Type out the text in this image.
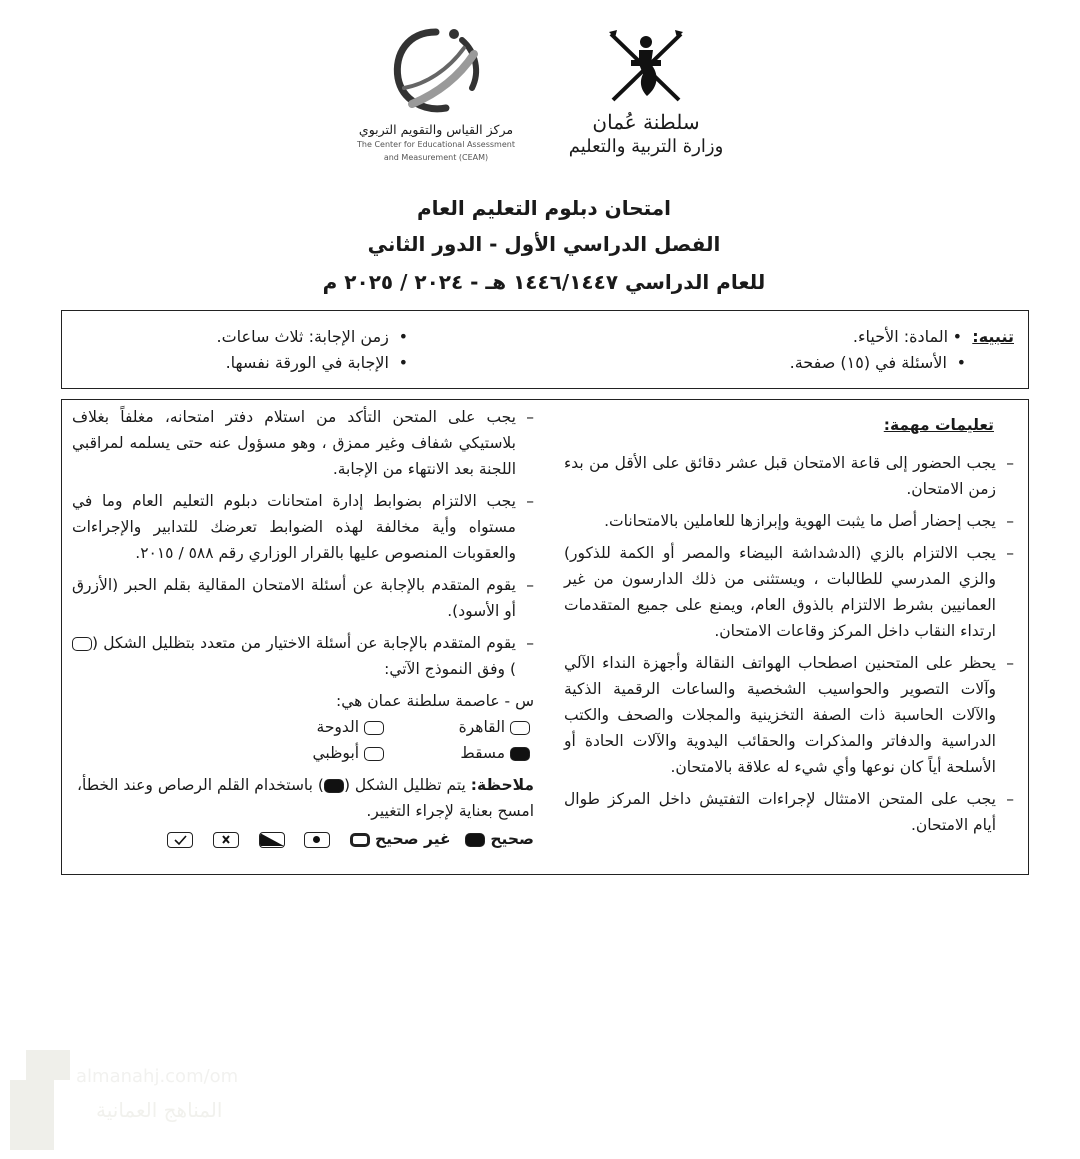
مركز القياس والتقويم التربوي
The Center for Educational Assessment
and Measurement (CEAM)
سلطنة عُمان
وزارة التربية والتعليم
امتحان دبلوم التعليم العام
الفصل الدراسي الأول - الدور الثاني
للعام الدراسي ١٤٤٦/١٤٤٧ هـ - ٢٠٢٤ / ٢٠٢٥ م
تنبيه:  • المادة: الأحياء.
• الأسئلة في (١٥) صفحة.
• زمن الإجابة: ثلاث ساعات.
• الإجابة في الورقة نفسها.
تعليمات مهمة:
–
يجب الحضور إلى قاعة الامتحان قبل عشر دقائق على الأقل من بدء زمن الامتحان.
–
يجب إحضار أصل ما يثبت الهوية وإبرازها للعاملين بالامتحانات.
–
يجب الالتزام بالزي (الدشداشة البيضاء والمصر أو الكمة للذكور) والزي المدرسي للطالبات ، ويستثنى من ذلك الدارسون من غير العمانيين بشرط الالتزام بالذوق العام، ويمنع على جميع المتقدمات ارتداء النقاب داخل المركز وقاعات الامتحان.
–
يحظر على المتحنين اصطحاب الهواتف النقالة وأجهزة النداء الآلي وآلات التصوير والحواسيب الشخصية والساعات الرقمية الذكية والآلات الحاسبة ذات الصفة التخزينية والمجلات والصحف والكتب الدراسية والدفاتر والمذكرات والحقائب اليدوية والآلات الحادة أو الأسلحة أياً كان نوعها وأي شيء له علاقة بالامتحان.
–
يجب على المتحن الامتثال لإجراءات التفتيش داخل المركز طوال أيام الامتحان.
–
يجب على المتحن التأكد من استلام دفتر امتحانه، مغلفاً بغلاف بلاستيكي شفاف وغير ممزق ، وهو مسؤول عنه حتى يسلمه لمراقبي اللجنة بعد الانتهاء من الإجابة.
–
يجب الالتزام بضوابط إدارة امتحانات دبلوم التعليم العام وما في مستواه وأية مخالفة لهذه الضوابط تعرضك للتدابير والإجراءات والعقوبات المنصوص عليها بالقرار الوزاري رقم ٥٨٨ / ٢٠١٥.
–
يقوم المتقدم بالإجابة عن أسئلة الامتحان المقالية بقلم الحبر (الأزرق أو الأسود).
–
يقوم المتقدم بالإجابة عن أسئلة الاختيار من متعدد بتظليل الشكل () وفق النموذج الآتي:
س - عاصمة سلطنة عمان هي:
القاهرة
الدوحة
مسقط
أبوظبي
ملاحظة: يتم تظليل الشكل () باستخدام القلم الرصاص وعند الخطأ، امسح بعناية لإجراء التغيير.
صحيح    غير صحيح

almanahj.com/om
المناهج العمانية
